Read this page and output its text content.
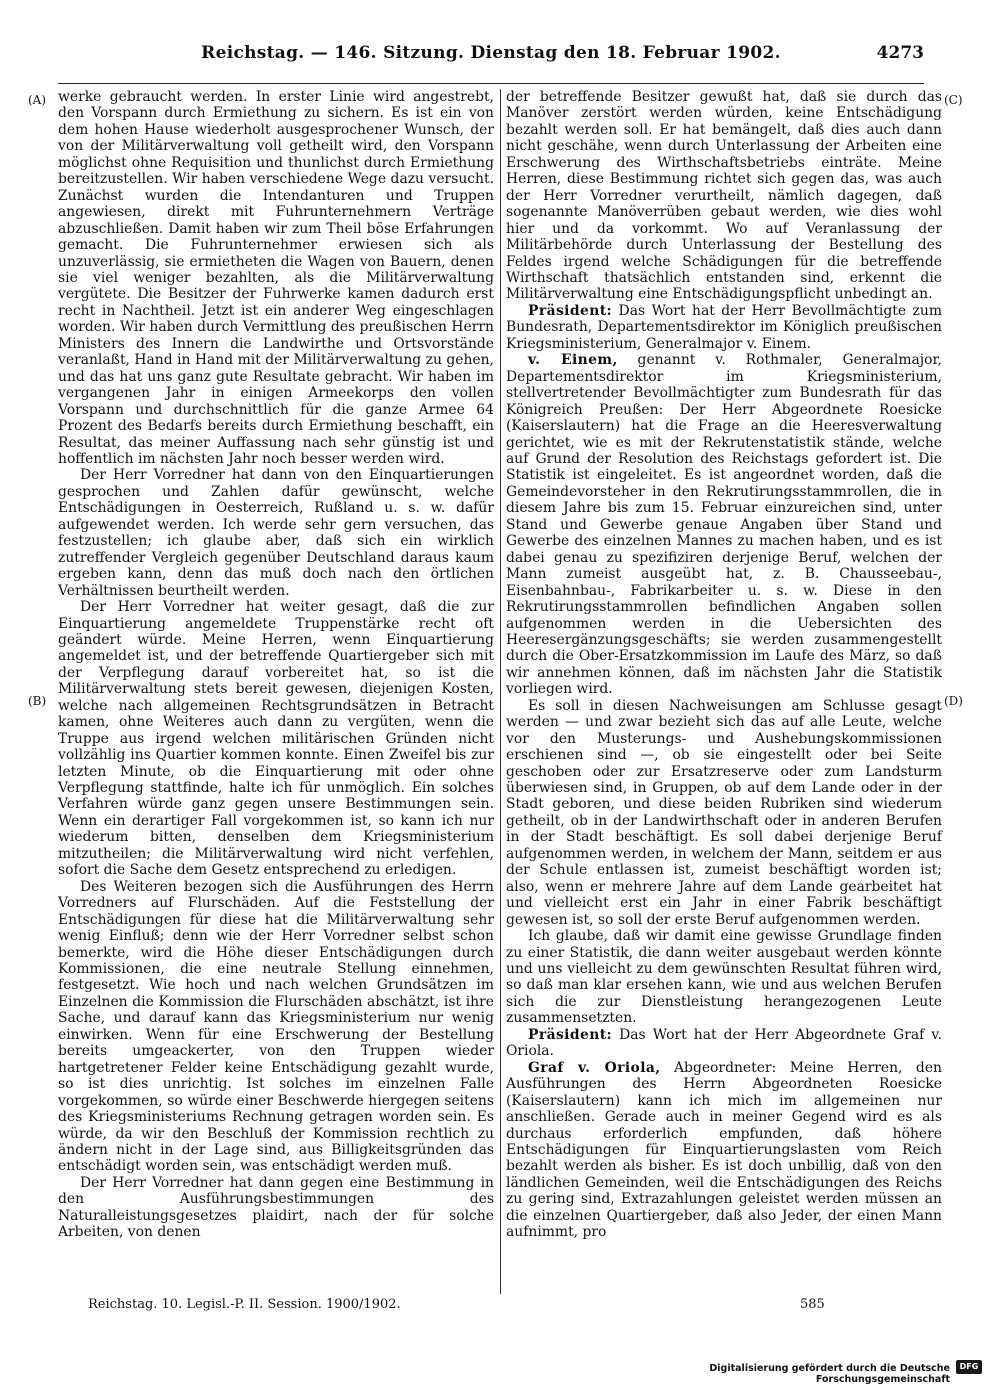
Reichstag. — 146. Sitzung. Dienstag den 18. Februar 1902.	4273
(A)
(B)
(C)
(D)

werke gebraucht werden. In erster Linie wird angestrebt, den Vorspann durch Ermiethung zu sichern. Es ist ein von dem hohen Hause wiederholt ausgesprochener Wunsch, der von der Militärverwaltung voll getheilt wird, den Vorspann möglichst ohne Requisition und thunlichst durch Ermiethung bereitzustellen. Wir haben verschiedene Wege dazu versucht. Zunächst wurden die Intendanturen und Truppen angewiesen, direkt mit Fuhrunternehmern Verträge abzuschließen. Damit haben wir zum Theil böse Erfahrungen gemacht. Die Fuhrunternehmer erwiesen sich als unzuverlässig, sie ermietheten die Wagen von Bauern, denen sie viel weniger bezahlten, als die Militärverwaltung vergütete. Die Besitzer der Fuhrwerke kamen dadurch erst recht in Nachtheil. Jetzt ist ein anderer Weg eingeschlagen worden. Wir haben durch Vermittlung des preußischen Herrn Ministers des Innern die Landwirthe und Ortsvorstände veranlaßt, Hand in Hand mit der Militärverwaltung zu gehen, und das hat uns ganz gute Resultate gebracht. Wir haben im vergangenen Jahr in einigen Armeekorps den vollen Vorspann und durchschnittlich für die ganze Armee 64 Prozent des Bedarfs bereits durch Ermiethung beschafft, ein Resultat, das meiner Auffassung nach sehr günstig ist und hoffentlich im nächsten Jahr noch besser werden wird.

Der Herr Vorredner hat dann von den Einquartierungen gesprochen und Zahlen dafür gewünscht, welche Entschädigungen in Oesterreich, Rußland u. s. w. dafür aufgewendet werden. Ich werde sehr gern versuchen, das festzustellen; ich glaube aber, daß sich ein wirklich zutreffender Vergleich gegenüber Deutschland daraus kaum ergeben kann, denn das muß doch nach den örtlichen Verhältnissen beurtheilt werden.

Der Herr Vorredner hat weiter gesagt, daß die zur Einquartierung angemeldete Truppenstärke recht oft geändert würde. Meine Herren, wenn Einquartierung angemeldet ist, und der betreffende Quartiergeber sich mit der Verpflegung darauf vorbereitet hat, so ist die Militärverwaltung stets bereit gewesen, diejenigen Kosten, welche nach allgemeinen Rechtsgrundsätzen in Betracht kamen, ohne Weiteres auch dann zu vergüten, wenn die Truppe aus irgend welchen militärischen Gründen nicht vollzählig ins Quartier kommen konnte. Einen Zweifel bis zur letzten Minute, ob die Einquartierung mit oder ohne Verpflegung stattfinde, halte ich für unmöglich. Ein solches Verfahren würde ganz gegen unsere Bestimmungen sein. Wenn ein derartiger Fall vorgekommen ist, so kann ich nur wiederum bitten, denselben dem Kriegsministerium mitzutheilen; die Militärverwaltung wird nicht verfehlen, sofort die Sache dem Gesetz entsprechend zu erledigen.

Des Weiteren bezogen sich die Ausführungen des Herrn Vorredners auf Flurschäden. Auf die Feststellung der Entschädigungen für diese hat die Militärverwaltung sehr wenig Einfluß; denn wie der Herr Vorredner selbst schon bemerkte, wird die Höhe dieser Entschädigungen durch Kommissionen, die eine neutrale Stellung einnehmen, festgesetzt. Wie hoch und nach welchen Grundsätzen im Einzelnen die Kommission die Flurschäden abschätzt, ist ihre Sache, und darauf kann das Kriegsministerium nur wenig einwirken. Wenn für eine Erschwerung der Bestellung bereits umgeackerter, von den Truppen wieder hartgetretener Felder keine Entschädigung gezahlt wurde, so ist dies unrichtig. Ist solches im einzelnen Falle vorgekommen, so würde einer Beschwerde hiergegen seitens des Kriegsministeriums Rechnung getragen worden sein. Es würde, da wir den Beschluß der Kommission rechtlich zu ändern nicht in der Lage sind, aus Billigkeitsgründen das entschädigt worden sein, was entschädigt werden muß.

Der Herr Vorredner hat dann gegen eine Bestimmung in den Ausführungsbestimmungen des Naturalleistungsgesetzes plaidirt, nach der für solche Arbeiten, von denen

der betreffende Besitzer gewußt hat, daß sie durch das Manöver zerstört werden würden, keine Entschädigung bezahlt werden soll. Er hat bemängelt, daß dies auch dann nicht geschähe, wenn durch Unterlassung der Arbeiten eine Erschwerung des Wirthschaftsbetriebs einträte. Meine Herren, diese Bestimmung richtet sich gegen das, was auch der Herr Vorredner verurtheilt, nämlich dagegen, daß sogenannte Manöverrüben gebaut werden, wie dies wohl hier und da vorkommt. Wo auf Veranlassung der Militärbehörde durch Unterlassung der Bestellung des Feldes irgend welche Schädigungen für die betreffende Wirthschaft thatsächlich entstanden sind, erkennt die Militärverwaltung eine Entschädigungspflicht unbedingt an.

Präsident: Das Wort hat der Herr Bevollmächtigte zum Bundesrath, Departementsdirektor im Königlich preußischen Kriegsministerium, Generalmajor v. Einem.

v. Einem, genannt v. Rothmaler, Generalmajor, Departementsdirektor im Kriegsministerium, stellvertretender Bevollmächtigter zum Bundesrath für das Königreich Preußen: Der Herr Abgeordnete Roesicke (Kaiserslautern) hat die Frage an die Heeresverwaltung gerichtet, wie es mit der Rekrutenstatistik stände, welche auf Grund der Resolution des Reichstags gefordert ist. Die Statistik ist eingeleitet. Es ist angeordnet worden, daß die Gemeindevorsteher in den Rekrutirungsstammrollen, die in diesem Jahre bis zum 15. Februar einzureichen sind, unter Stand und Gewerbe genaue Angaben über Stand und Gewerbe des einzelnen Mannes zu machen haben, und es ist dabei genau zu spezifiziren derjenige Beruf, welchen der Mann zumeist ausgeübt hat, z. B. Chausseebau-, Eisenbahnbau-, Fabrikarbeiter u. s. w. Diese in den Rekrutirungsstammrollen befindlichen Angaben sollen aufgenommen werden in die Uebersichten des Heeresergänzungsgeschäfts; sie werden zusammengestellt durch die Ober-Ersatzkommission im Laufe des März, so daß wir annehmen können, daß im nächsten Jahr die Statistik vorliegen wird.

Es soll in diesen Nachweisungen am Schlusse gesagt werden — und zwar bezieht sich das auf alle Leute, welche vor den Musterungs- und Aushebungskommissionen erschienen sind —, ob sie eingestellt oder bei Seite geschoben oder zur Ersatzreserve oder zum Landsturm überwiesen sind, in Gruppen, ob auf dem Lande oder in der Stadt geboren, und diese beiden Rubriken sind wiederum getheilt, ob in der Landwirthschaft oder in anderen Berufen in der Stadt beschäftigt. Es soll dabei derjenige Beruf aufgenommen werden, in welchem der Mann, seitdem er aus der Schule entlassen ist, zumeist beschäftigt worden ist; also, wenn er mehrere Jahre auf dem Lande gearbeitet hat und vielleicht erst ein Jahr in einer Fabrik beschäftigt gewesen ist, so soll der erste Beruf aufgenommen werden.

Ich glaube, daß wir damit eine gewisse Grundlage finden zu einer Statistik, die dann weiter ausgebaut werden könnte und uns vielleicht zu dem gewünschten Resultat führen wird, so daß man klar ersehen kann, wie und aus welchen Berufen sich die zur Dienstleistung herangezogenen Leute zusammensetzten.

Präsident: Das Wort hat der Herr Abgeordnete Graf v. Oriola.

Graf v. Oriola, Abgeordneter: Meine Herren, den Ausführungen des Herrn Abgeordneten Roesicke (Kaiserslautern) kann ich mich im allgemeinen nur anschließen. Gerade auch in meiner Gegend wird es als durchaus erforderlich empfunden, daß höhere Entschädigungen für Einquartierungslasten vom Reich bezahlt werden als bisher. Es ist doch unbillig, daß von den ländlichen Gemeinden, weil die Entschädigungen des Reichs zu gering sind, Extrazahlungen geleistet werden müssen an die einzelnen Quartiergeber, daß also Jeder, der einen Mann aufnimmt, pro

Reichstag. 10. Legisl.-P. II. Session. 1900/1902.	585
Digitalisierung gefördert durch die Deutsche Forschungsgemeinschaft
DFG
